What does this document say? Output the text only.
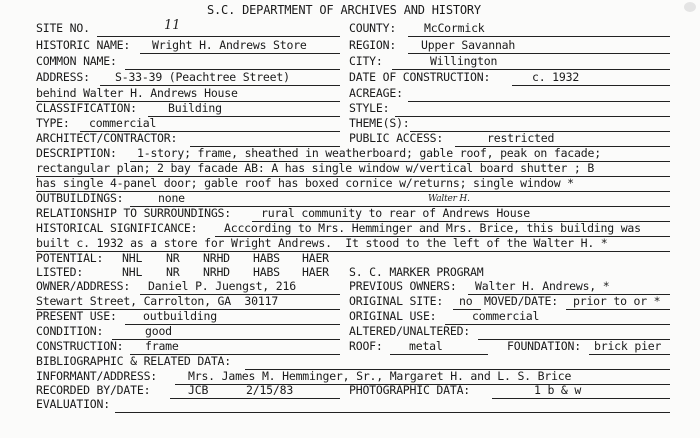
S.C. DEPARTMENT OF ARCHIVES AND HISTORY
SITE NO.	11	COUNTY: McCormick
HISTORIC NAME: Wright H. Andrews Store	REGION: Upper Savannah
COMMON NAME:	CITY:	Willington
ADDRESS: S-33-39 (Peachtree Street)	DATE OF CONSTRUCTION:	c. 1932
behind Walter H. Andrews House	ACREAGE:
CLASSIFICATION:	Building	STYLE:
TYPE: commercial	THEME(S):
ARCHITECT/CONTRACTOR:	PUBLIC ACCESS:	restricted
DESCRIPTION: 1-story; frame, sheathed in weatherboard; gable roof, peak on facade;
rectangular plan; 2 bay facade AB: A has single window w/vertical board shutter ; B
has single 4-panel door; gable roof has boxed cornice w/returns; single window *
OUTBUILDINGS:	none	Walter H.
RELATIONSHIP TO SURROUNDINGS:	rural community to rear of Andrews House
HISTORICAL SIGNIFICANCE: Acccording to Mrs. Hemminger and Mrs. Brice, this building was
built c. 1932 as a store for Wright Andrews.  It stood to the left of the Walter H. *
POTENTIAL: NHL NR NRHD HABS HAER
LISTED:	NHL NR NRHD HABS HAER S. C. MARKER PROGRAM
OWNER/ADDRESS: Daniel P. Juengst, 216	PREVIOUS OWNERS: Walter H. Andrews, *
Stewart Street, Carrolton, GA  30117	ORIGINAL SITE: no MOVED/DATE: prior to or *
PRESENT USE: outbuilding	ORIGINAL USE:	commercial
CONDITION:	good	ALTERED/UNALTERED:
CONSTRUCTION: frame	ROOF: metal	FOUNDATION: brick pier
BIBLIOGRAPHIC & RELATED DATA:
INFORMANT/ADDRESS:	Mrs. James M. Hemminger, Sr., Margaret H. and L. S. Brice
RECORDED BY/DATE:	JCB	2/15/83	PHOTOGRAPHIC DATA:	1 b & w
EVALUATION:
